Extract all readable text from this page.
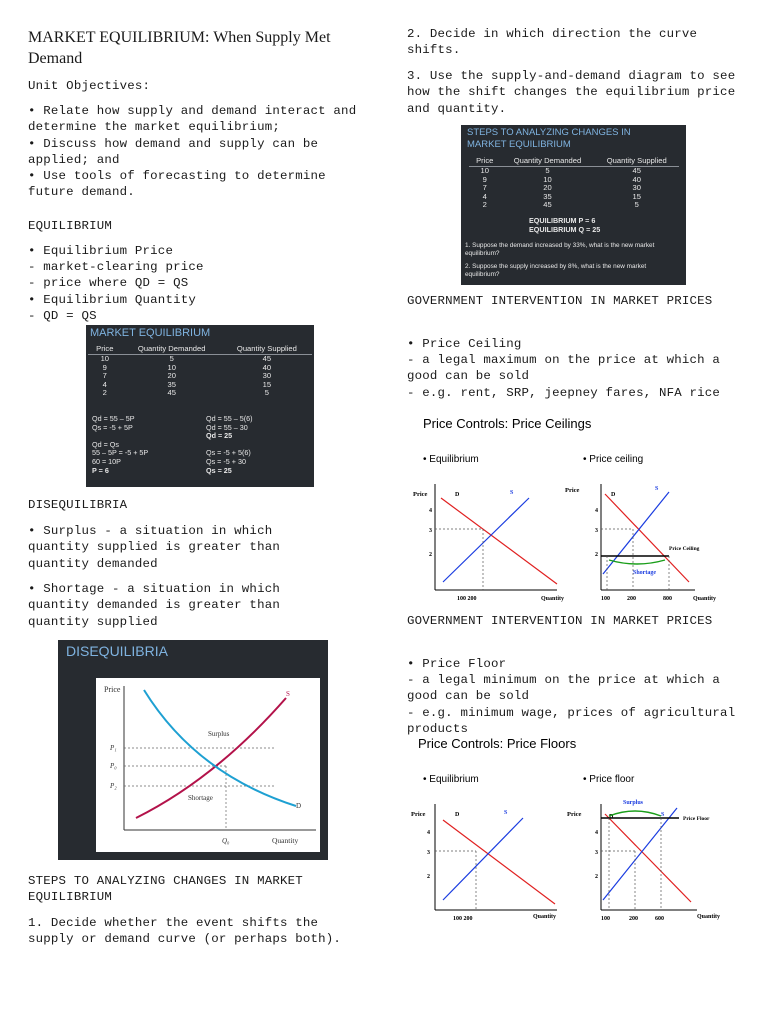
MARKET EQUILIBRIUM: When Supply Met Demand
Unit Objectives:
• Relate how supply and demand interact and determine the market equilibrium;
• Discuss how demand and supply can be applied; and
• Use tools of forecasting to determine future demand.
EQUILIBRIUM
• Equilibrium Price
- market-clearing price
- price where QD = QS
• Equilibrium Quantity
- QD = QS
DISEQUILIBRIA
• Surplus - a situation in which quantity supplied is greater than quantity demanded
• Shortage - a situation in which quantity demanded is greater than quantity supplied
STEPS TO ANALYZING CHANGES IN MARKET EQUILIBRIUM
1. Decide whether the event shifts the supply or demand curve (or perhaps both).
MARKET EQUILIBRIUM
Price	Quantity Demanded	Quantity Supplied
10	5	45
9	10	40
7	20	30
4	35	15
2	45	5
Qd = 55 – 5P
Qs = -5 + 5P

Qd = Qs
55 – 5P = -5 + 5P
60 = 10P
P = 6
Qd = 55 – 5(6)
Qd = 55 – 30
Qd = 25

Qs = -5 + 5(6)
Qs = -5 + 30
Qs = 25
DISEQUILIBRIA
Price
Quantity
S
D
Surplus
Shortage
P₁
P₀
P₂
Q₀
2. Decide in which direction the curve shifts.
3. Use the supply-and-demand diagram to see how the shift changes the equilibrium price and quantity.
GOVERNMENT INTERVENTION IN MARKET PRICES
• Price Ceiling
- a legal maximum on the price at which a good can be sold
- e.g. rent, SRP, jeepney fares, NFA rice
GOVERNMENT INTERVENTION IN MARKET PRICES
• Price Floor
- a legal minimum on the price at which a good can be sold
- e.g. minimum wage, prices of agricultural products
STEPS TO ANALYZING CHANGES IN MARKET EQUILIBRIUM
Price	Quantity Demanded	Quantity Supplied
10	5	45
9	10	40
7	20	30
4	35	15
2	45	5
EQUILIBRIUM P = 6
EQUILIBRIUM Q = 25
1. Suppose the demand increased by 33%, what is the new market equilibrium?
2. Suppose the supply increased by 8%, what is the new market equilibrium?
Price Controls: Price Ceilings
• Equilibrium	• Price ceiling
Price
4
3
2
D	S
100 200	Quantity
Price
4
3
2
D
S
Shortage
Price Ceiling
100	200	800	Quantity
Price Controls: Price Floors
• Equilibrium	• Price floor
Price
4
3
2
D	S
100 200	Quantity
Price
4
3
2
D	S
Surplus
Price Floor
100	200	600	Quantity
